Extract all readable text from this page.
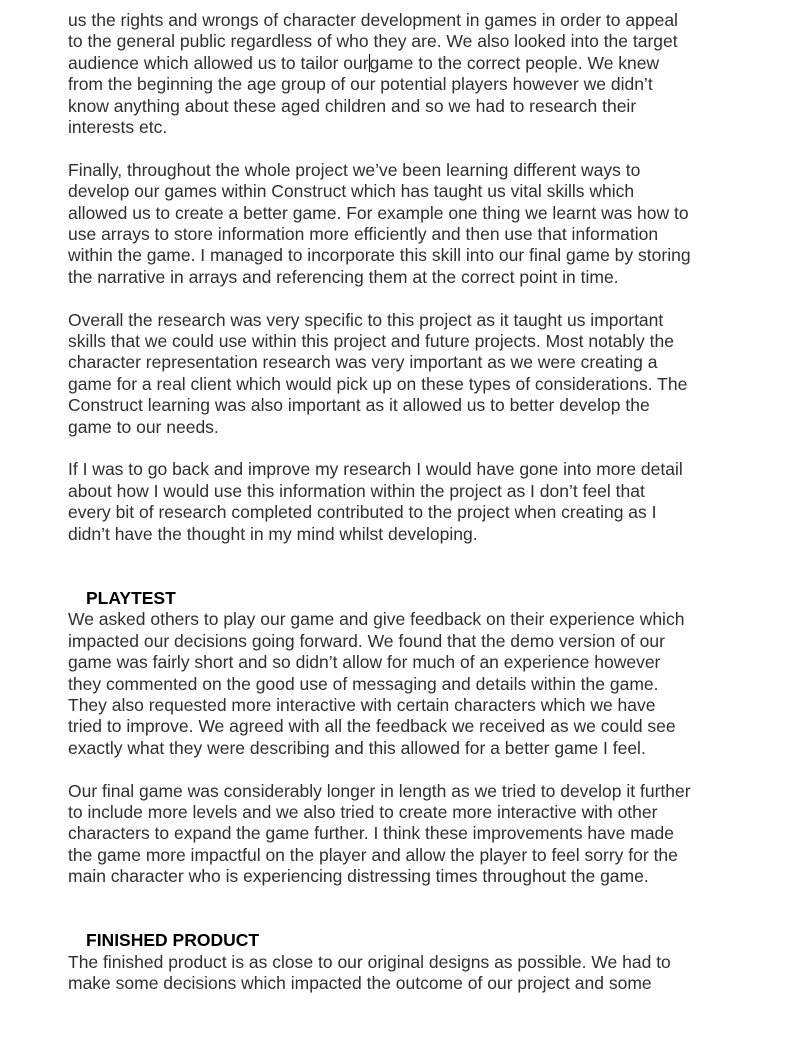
us the rights and wrongs of character development in games in order to appeal
to the general public regardless of who they are. We also looked into the target
audience which allowed us to tailor ourgame to the correct people. We knew
from the beginning the age group of our potential players however we didn’t
know anything about these aged children and so we had to research their
interests etc.

Finally, throughout the whole project we’ve been learning different ways to
develop our games within Construct which has taught us vital skills which
allowed us to create a better game. For example one thing we learnt was how to
use arrays to store information more efficiently and then use that information
within the game. I managed to incorporate this skill into our final game by storing
the narrative in arrays and referencing them at the correct point in time.

Overall the research was very specific to this project as it taught us important
skills that we could use within this project and future projects. Most notably the
character representation research was very important as we were creating a
game for a real client which would pick up on these types of considerations. The
Construct learning was also important as it allowed us to better develop the
game to our needs.

If I was to go back and improve my research I would have gone into more detail
about how I would use this information within the project as I don’t feel that
every bit of research completed contributed to the project when creating as I
didn’t have the thought in my mind whilst developing.

PLAYTEST

We asked others to play our game and give feedback on their experience which
impacted our decisions going forward. We found that the demo version of our
game was fairly short and so didn’t allow for much of an experience however
they commented on the good use of messaging and details within the game.
They also requested more interactive with certain characters which we have
tried to improve. We agreed with all the feedback we received as we could see
exactly what they were describing and this allowed for a better game I feel.

Our final game was considerably longer in length as we tried to develop it further
to include more levels and we also tried to create more interactive with other
characters to expand the game further. I think these improvements have made
the game more impactful on the player and allow the player to feel sorry for the
main character who is experiencing distressing times throughout the game.

FINISHED PRODUCT

The finished product is as close to our original designs as possible. We had to
make some decisions which impacted the outcome of our project and some
